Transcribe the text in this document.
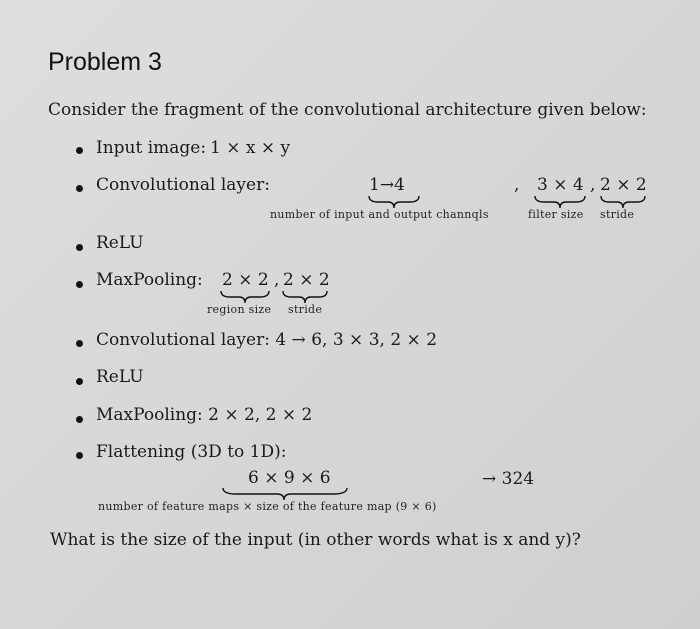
Problem 3
Consider the fragment of the convolutional architecture given below:
Input image: 1 × x × y
Convolutional layer:	1→4	, 3 × 4 , 2 × 2
number of input and output channqls	filter size stride
ReLU
MaxPooling: 2 × 2 , 2 × 2
region size stride
Convolutional layer: 4 → 6, 3 × 3, 2 × 2
ReLU
MaxPooling: 2 × 2, 2 × 2
Flattening (3D to 1D):
6 × 9 × 6	→ 324
number of feature maps × size of the feature map (9 × 6)
What is the size of the input (in other words what is x and y)?
